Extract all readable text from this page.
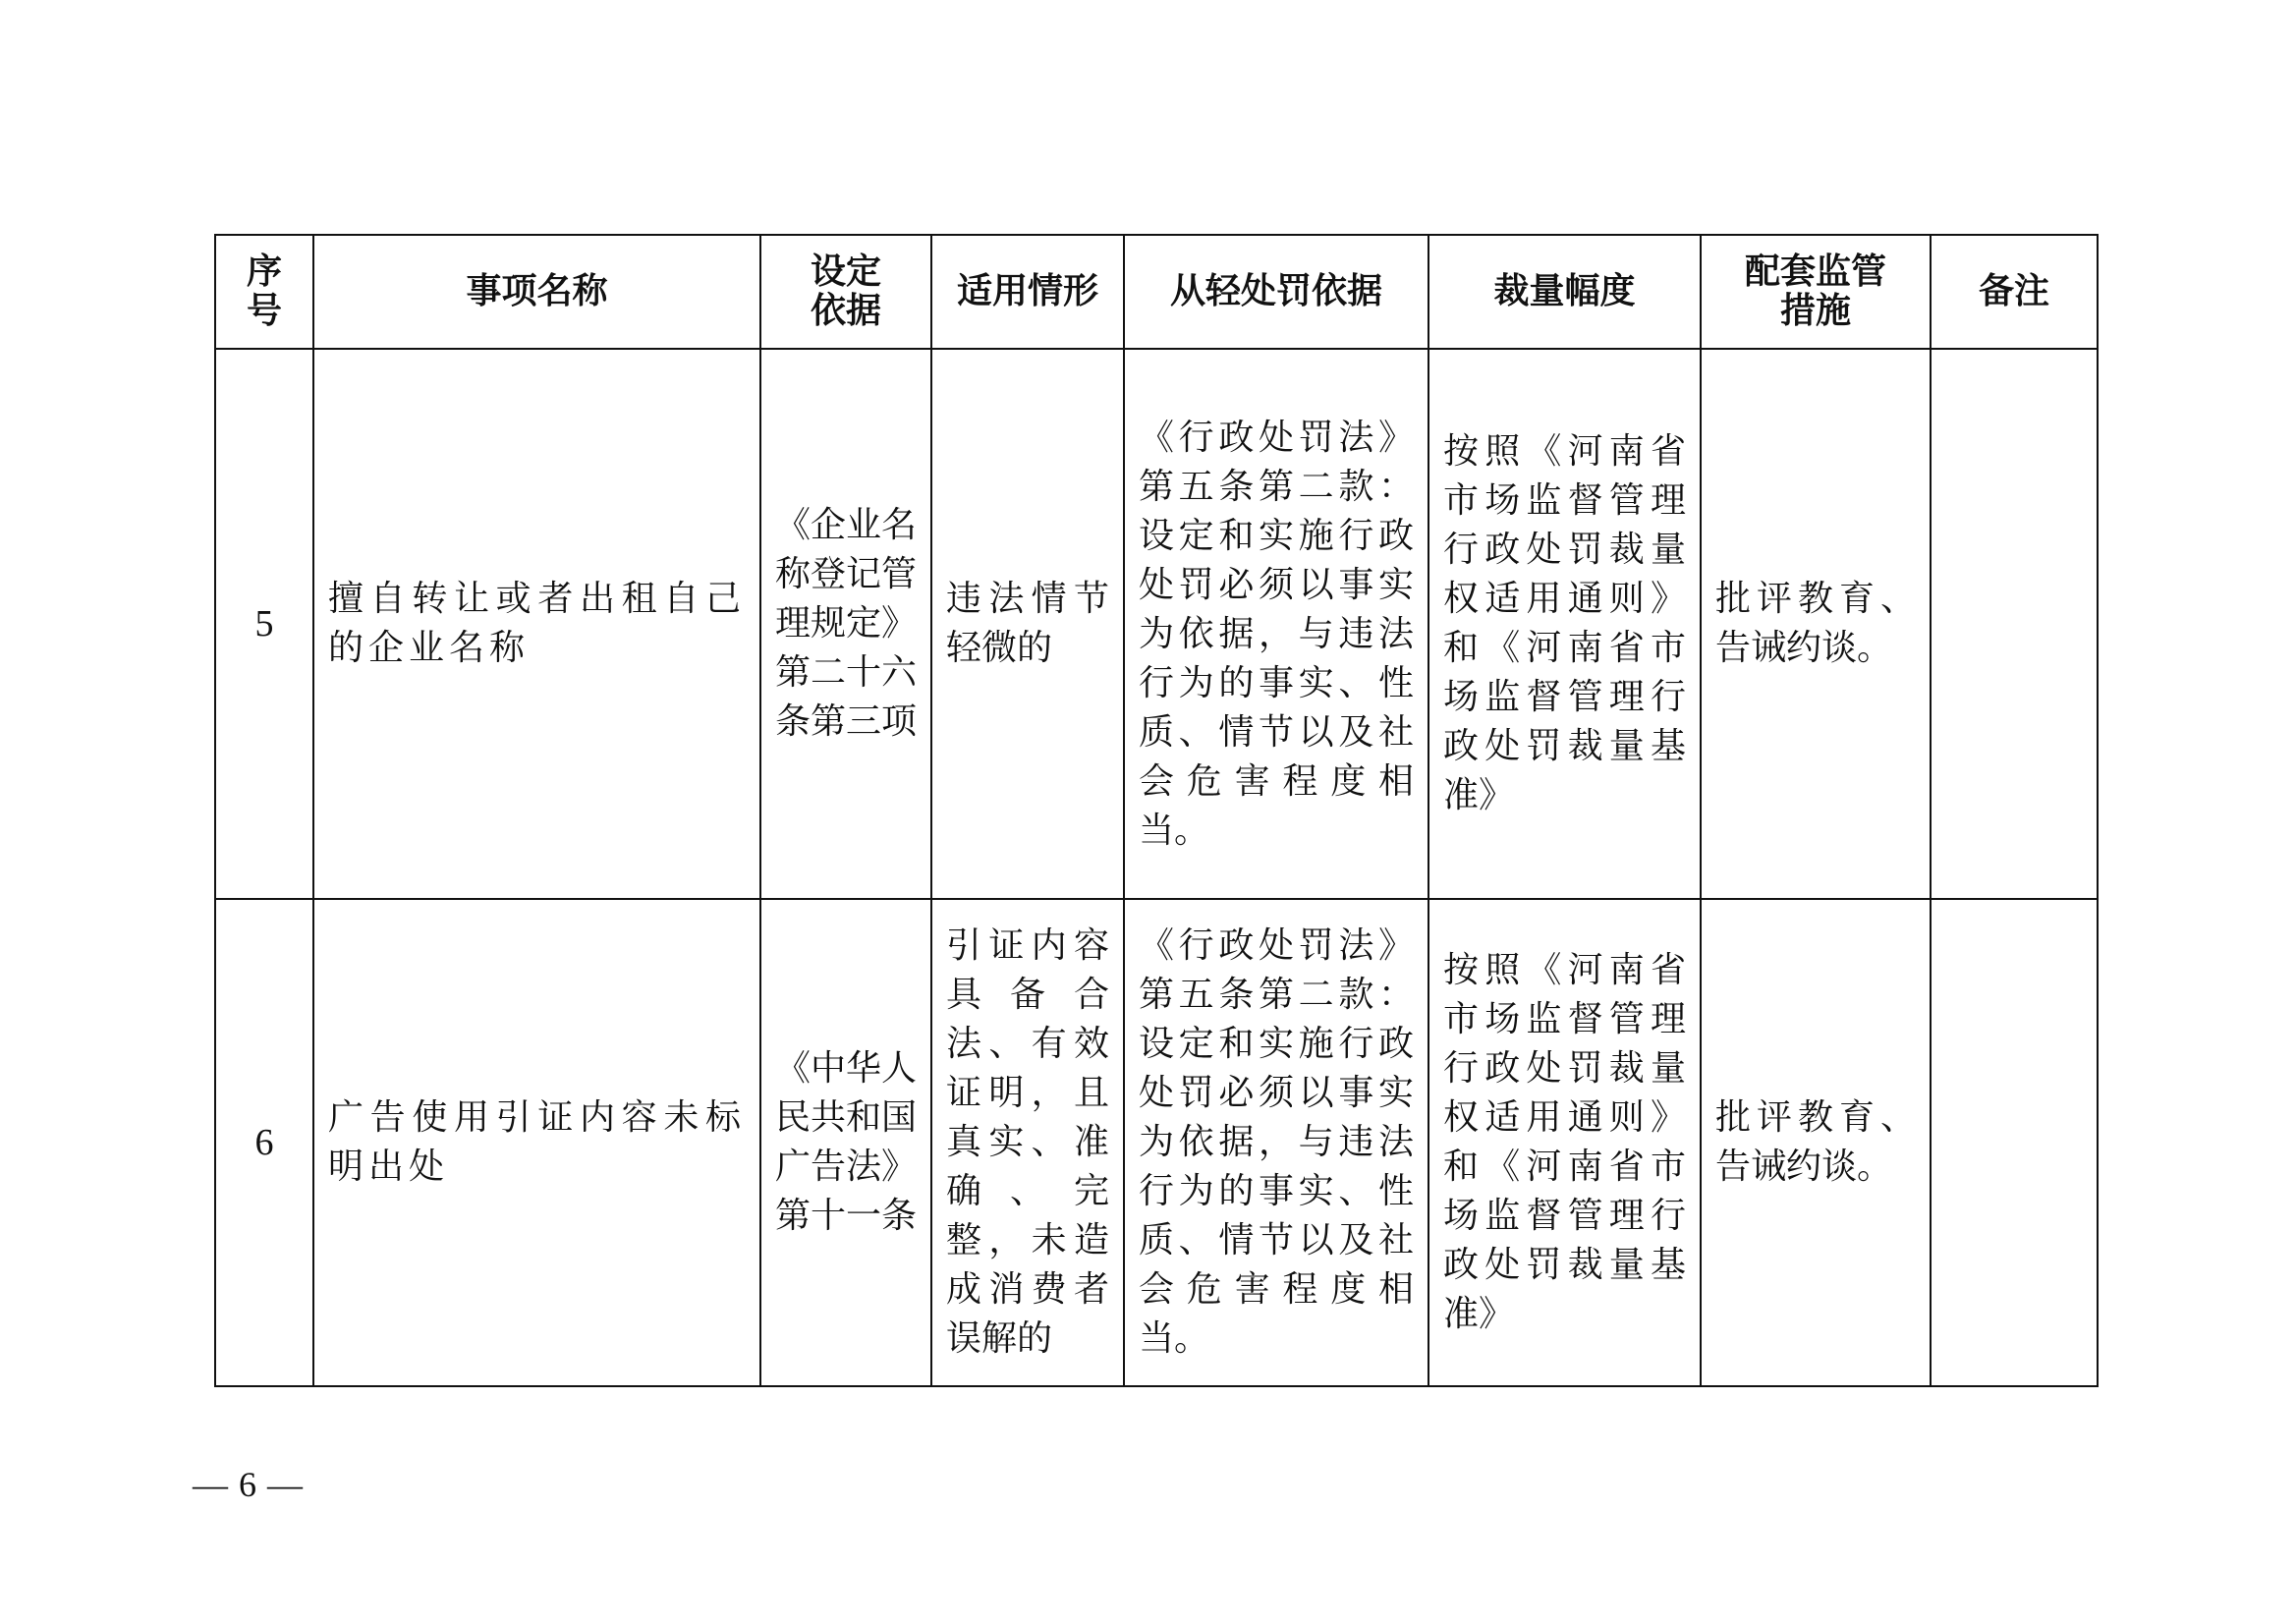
序号	事项名称	设定依据	适用情形	从轻处罚依据	裁量幅度	配套监管措施	备注
5	擅自转让或者出租自己的企业名称	《企业名称登记管理规定》第二十六条第三项	违法情节轻微的	《行政处罚法》第五条第二款：设定和实施行政处罚必须以事实为依据，与违法行为的事实、性质、情节以及社会危害程度相当。	按照《河南省市场监督管理行政处罚裁量权适用通则》和《河南省市场监督管理行政处罚裁量基准》	批评教育、告诫约谈。	
6	广告使用引证内容未标明出处	《中华人民共和国广告法》第十一条	引证内容具备合法、有效证明，且真实、准确、完整，未造成消费者误解的	《行政处罚法》第五条第二款：设定和实施行政处罚必须以事实为依据，与违法行为的事实、性质、情节以及社会危害程度相当。	按照《河南省市场监督管理行政处罚裁量权适用通则》和《河南省市场监督管理行政处罚裁量基准》	批评教育、告诫约谈。	
— 6 —
